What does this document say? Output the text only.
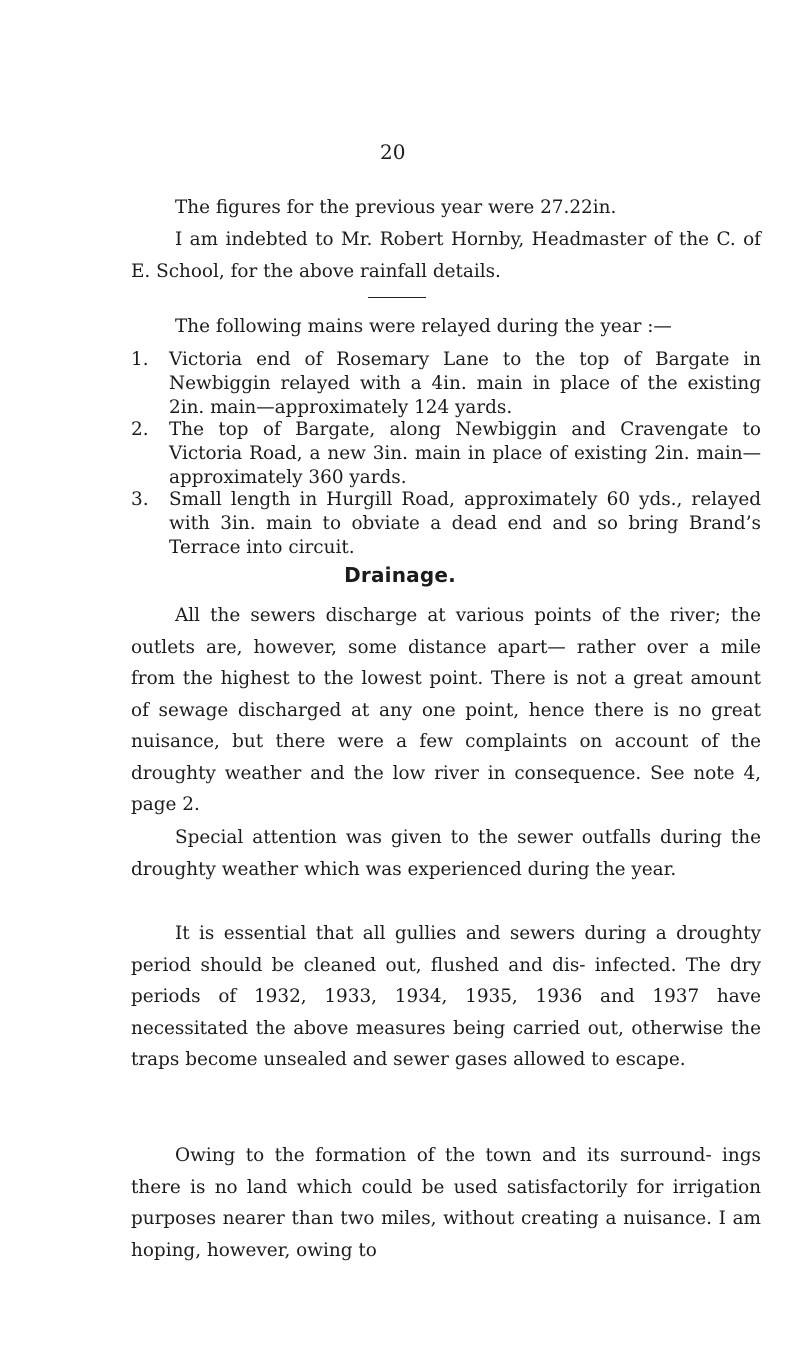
20

The figures for the previous year were 27.22in.

I am indebted to Mr. Robert Hornby, Headmaster of the C. of E. School, for the above rainfall details.

The following mains were relayed during the year :—

1.	Victoria end of Rosemary Lane to the top of Bargate in Newbiggin relayed with a 4in. main in place of the existing 2in. main—approximately 124 yards.
2.	The top of Bargate, along Newbiggin and Cravengate to Victoria Road, a new 3in. main in place of existing 2in. main—approximately 360 yards.
3.	Small length in Hurgill Road, approximately 60 yds., relayed with 3in. main to obviate a dead end and so bring Brand’s Terrace into circuit.
Drainage.

All the sewers discharge at various points of the river; the outlets are, however, some distance apart— rather over a mile from the highest to the lowest point. There is not a great amount of sewage discharged at any one point, hence there is no great nuisance, but there were a few complaints on account of the droughty weather and the low river in consequence. See note 4, page 2.

Special attention was given to the sewer outfalls during the droughty weather which was experienced during the year.

It is essential that all gullies and sewers during a droughty period should be cleaned out, flushed and dis- infected. The dry periods of 1932, 1933, 1934, 1935, 1936 and 1937 have necessitated the above measures being carried out, otherwise the traps become unsealed and sewer gases allowed to escape.

Owing to the formation of the town and its surround- ings there is no land which could be used satisfactorily for irrigation purposes nearer than two miles, without creating a nuisance. I am hoping, however, owing to
